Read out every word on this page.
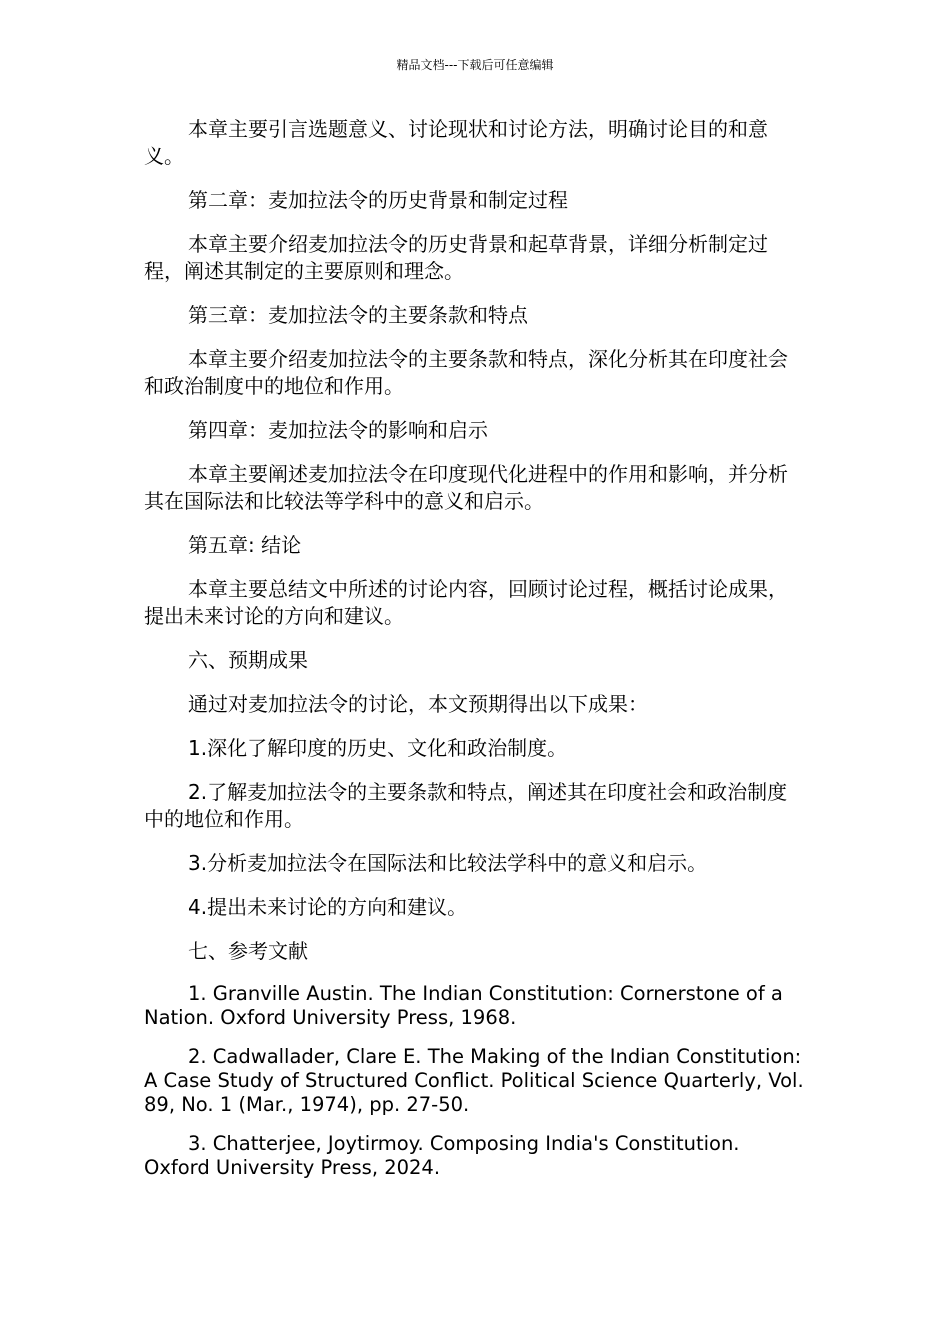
精品文档---下载后可任意编辑

本章主要引言选题意义、讨论现状和讨论方法，明确讨论目的和意义。

第二章：麦加拉法令的历史背景和制定过程

本章主要介绍麦加拉法令的历史背景和起草背景，详细分析制定过程，阐述其制定的主要原则和理念。

第三章：麦加拉法令的主要条款和特点

本章主要介绍麦加拉法令的主要条款和特点，深化分析其在印度社会和政治制度中的地位和作用。

第四章：麦加拉法令的影响和启示

本章主要阐述麦加拉法令在印度现代化进程中的作用和影响，并分析其在国际法和比较法等学科中的意义和启示。

第五章: 结论

本章主要总结文中所述的讨论内容，回顾讨论过程，概括讨论成果，提出未来讨论的方向和建议。

六、预期成果

通过对麦加拉法令的讨论，本文预期得出以下成果：

1.深化了解印度的历史、文化和政治制度。

2.了解麦加拉法令的主要条款和特点，阐述其在印度社会和政治制度中的地位和作用。

3.分析麦加拉法令在国际法和比较法学科中的意义和启示。

4.提出未来讨论的方向和建议。

七、参考文献

1. Granville Austin. The Indian Constitution: Cornerstone of a Nation. Oxford University Press, 1968.

2. Cadwallader, Clare E. The Making of the Indian Constitution: A Case Study of Structured Conflict. Political Science Quarterly, Vol. 89, No. 1 (Mar., 1974), pp. 27-50.

3. Chatterjee, Joytirmoy. Composing India's Constitution. Oxford University Press, 2024.
